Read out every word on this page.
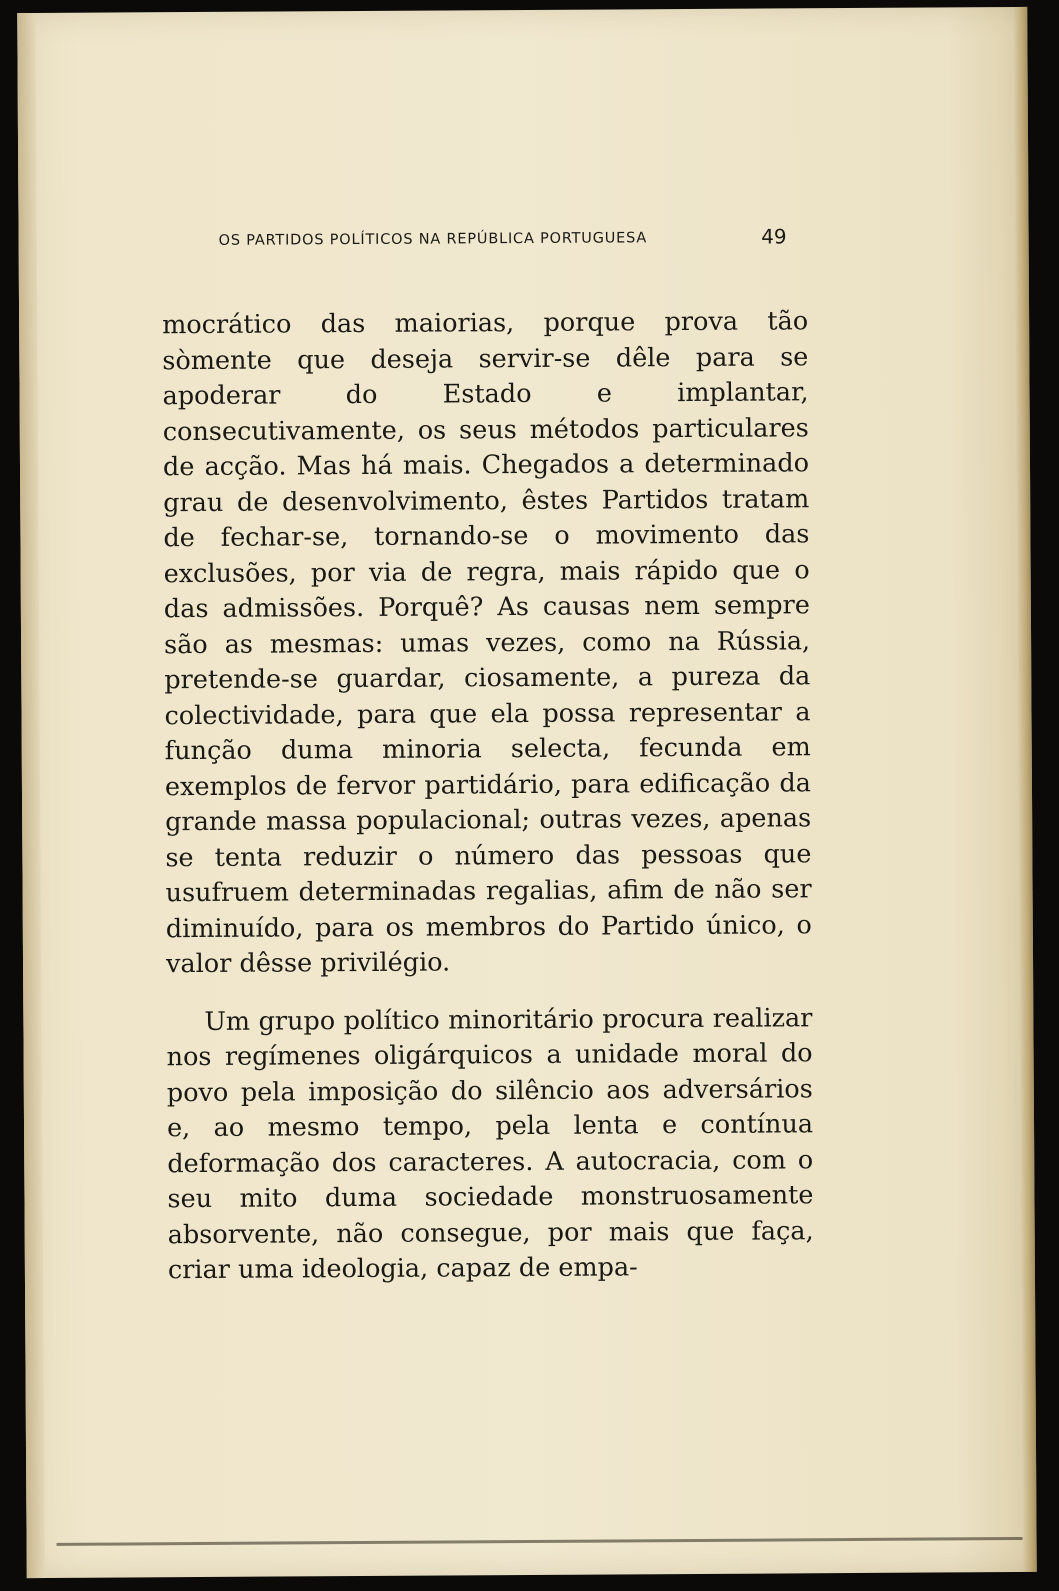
OS PARTIDOS POLÍTICOS NA REPÚBLICA PORTUGUESA	49

mocrático das maiorias, porque prova tão sòmente que deseja servir-se dêle para se apoderar do Estado e implantar, consecutivamente, os seus métodos particulares de acção. Mas há mais. Chegados a determinado grau de desenvolvimento, êstes Partidos tratam de fechar-se, tornando-se o movimento das exclusões, por via de regra, mais rápido que o das admissões. Porquê? As causas nem sempre são as mesmas: umas vezes, como na Rússia, pretende-se guardar, ciosamente, a pureza da colectividade, para que ela possa representar a função duma minoria selecta, fecunda em exemplos de fervor partidário, para edificação da grande massa populacional; outras vezes, apenas se tenta reduzir o número das pessoas que usufruem determinadas regalias, afim de não ser diminuído, para os membros do Partido único, o valor dêsse privilégio.

Um grupo político minoritário procura realizar nos regímenes oligárquicos a unidade moral do povo pela imposição do silêncio aos adversários e, ao mesmo tempo, pela lenta e contínua deformação dos caracteres. A autocracia, com o seu mito duma sociedade monstruosamente absorvente, não consegue, por mais que faça, criar uma ideologia, capaz de empa-
